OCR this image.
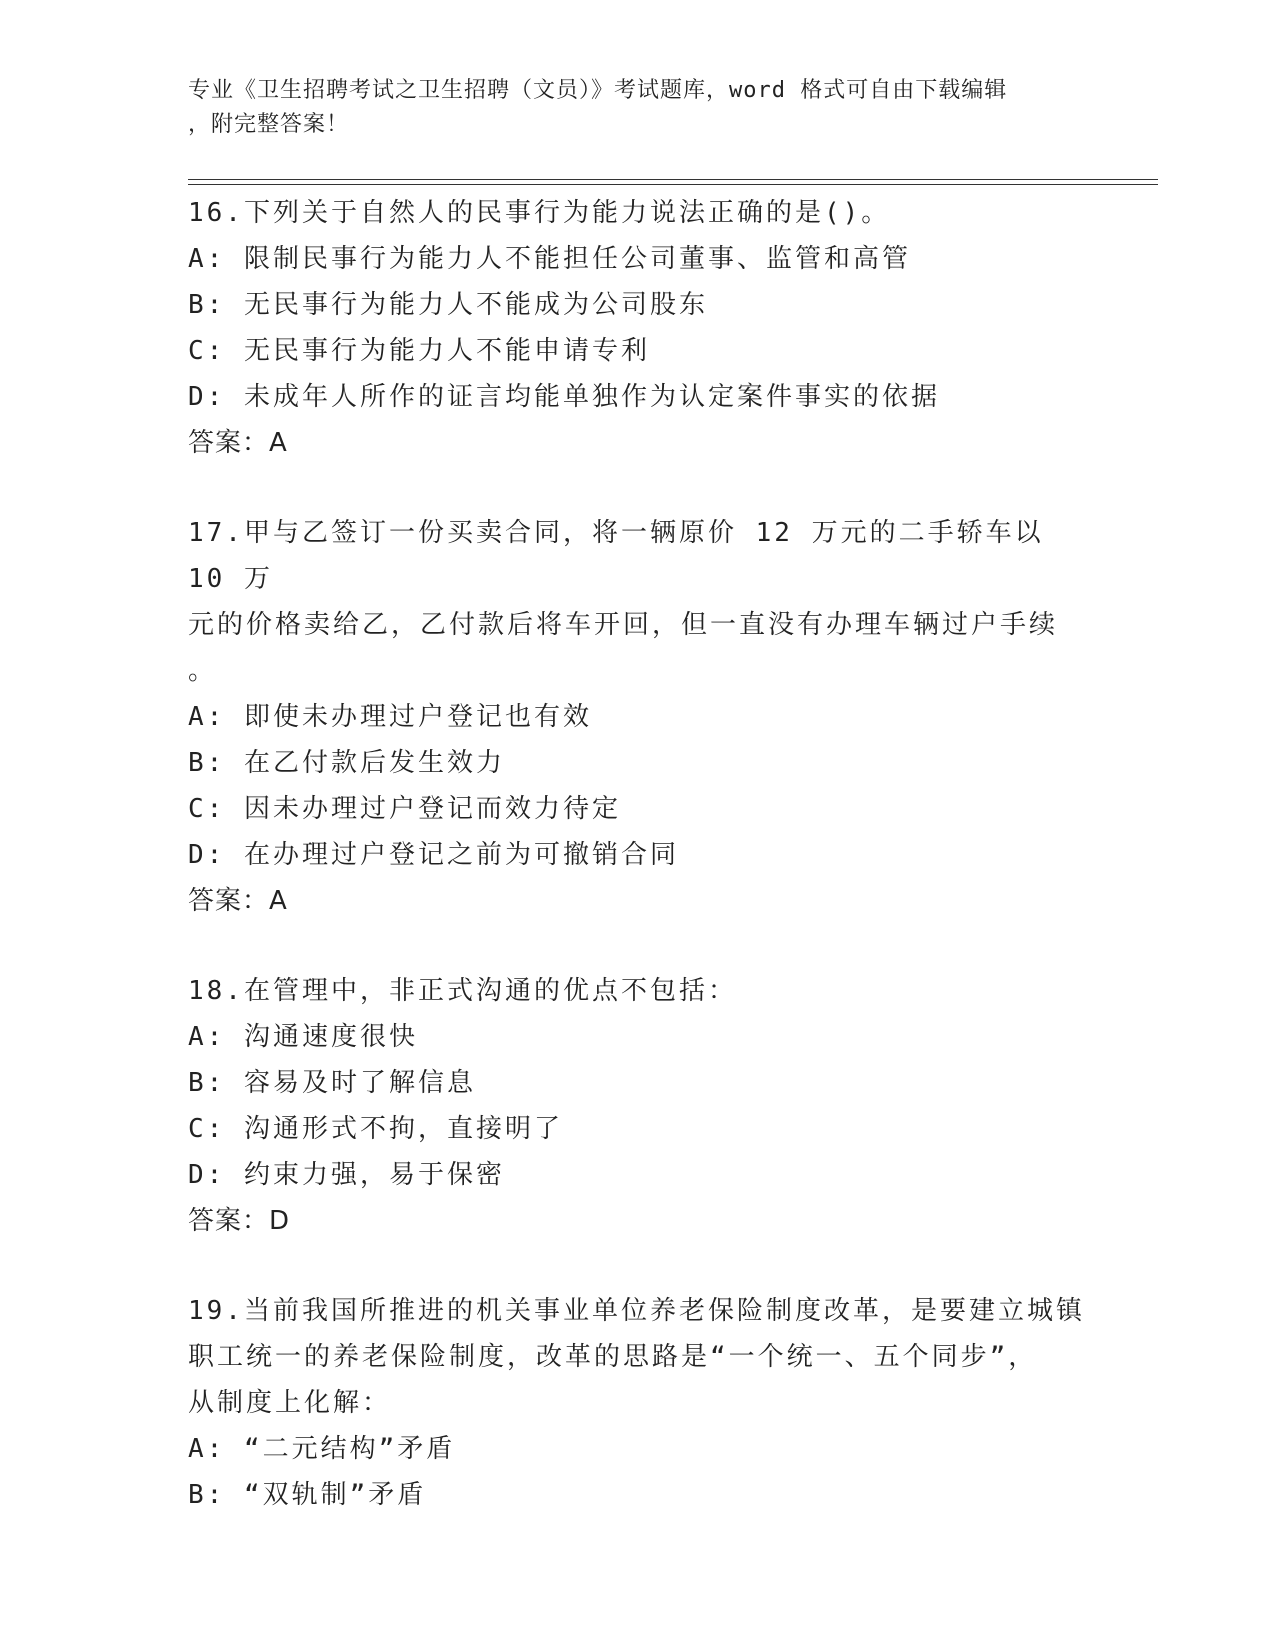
专业《卫生招聘考试之卫生招聘（文员）》考试题库，word 格式可自由下载编辑
，附完整答案！
16.下列关于自然人的民事行为能力说法正确的是()。
A: 限制民事行为能力人不能担任公司董事、监管和高管
B: 无民事行为能力人不能成为公司股东
C: 无民事行为能力人不能申请专利
D: 未成年人所作的证言均能单独作为认定案件事实的依据
答案：A
17.甲与乙签订一份买卖合同，将一辆原价 12 万元的二手轿车以 10 万
元的价格卖给乙，乙付款后将车开回，但一直没有办理车辆过户手续
。
A: 即使未办理过户登记也有效
B: 在乙付款后发生效力
C: 因未办理过户登记而效力待定
D: 在办理过户登记之前为可撤销合同
答案：A
18.在管理中，非正式沟通的优点不包括：
A: 沟通速度很快
B: 容易及时了解信息
C: 沟通形式不拘，直接明了
D: 约束力强，易于保密
答案：D
19.当前我国所推进的机关事业单位养老保险制度改革，是要建立城镇
职工统一的养老保险制度，改革的思路是“一个统一、五个同步”，
从制度上化解：
A: “二元结构”矛盾
B: “双轨制”矛盾
